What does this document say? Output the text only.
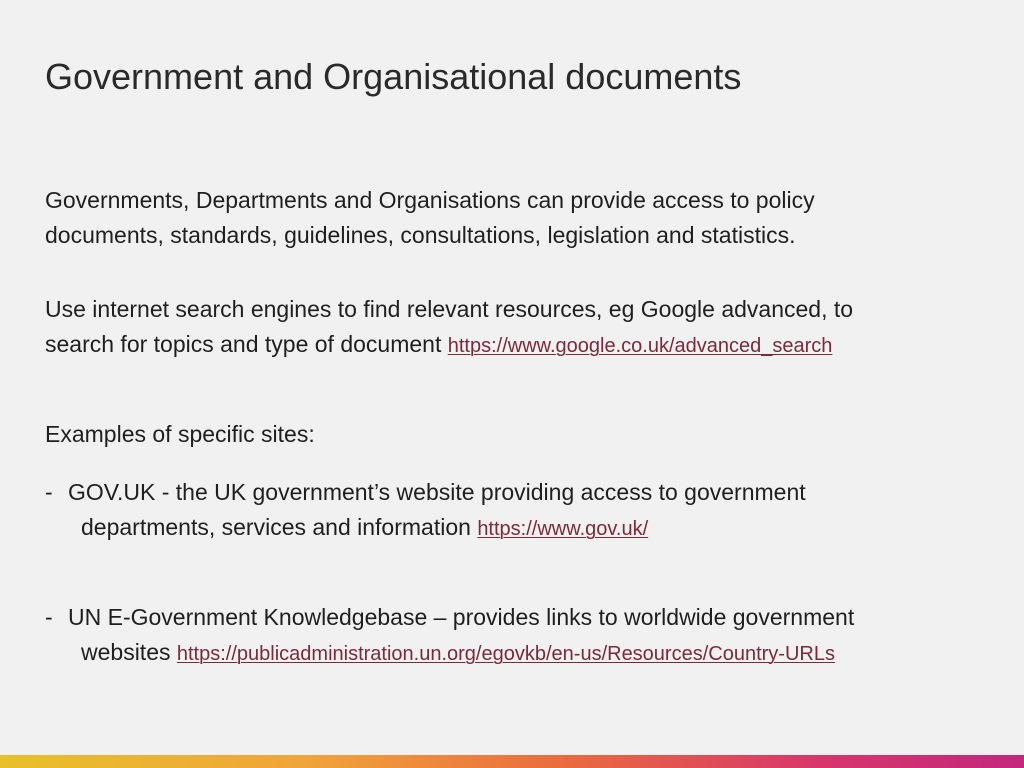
Government and Organisational documents
Governments, Departments and Organisations can provide access to policy
documents, standards, guidelines, consultations, legislation and statistics.
Use internet search engines to find relevant resources, eg Google advanced, to
search for topics and type of document https://www.google.co.uk/advanced_search
Examples of specific sites:
- GOV.UK - the UK government’s website providing access to government
departments, services and information https://www.gov.uk/
- UN E-Government Knowledgebase – provides links to worldwide government
websites https://publicadministration.un.org/egovkb/en-us/Resources/Country-URLs
